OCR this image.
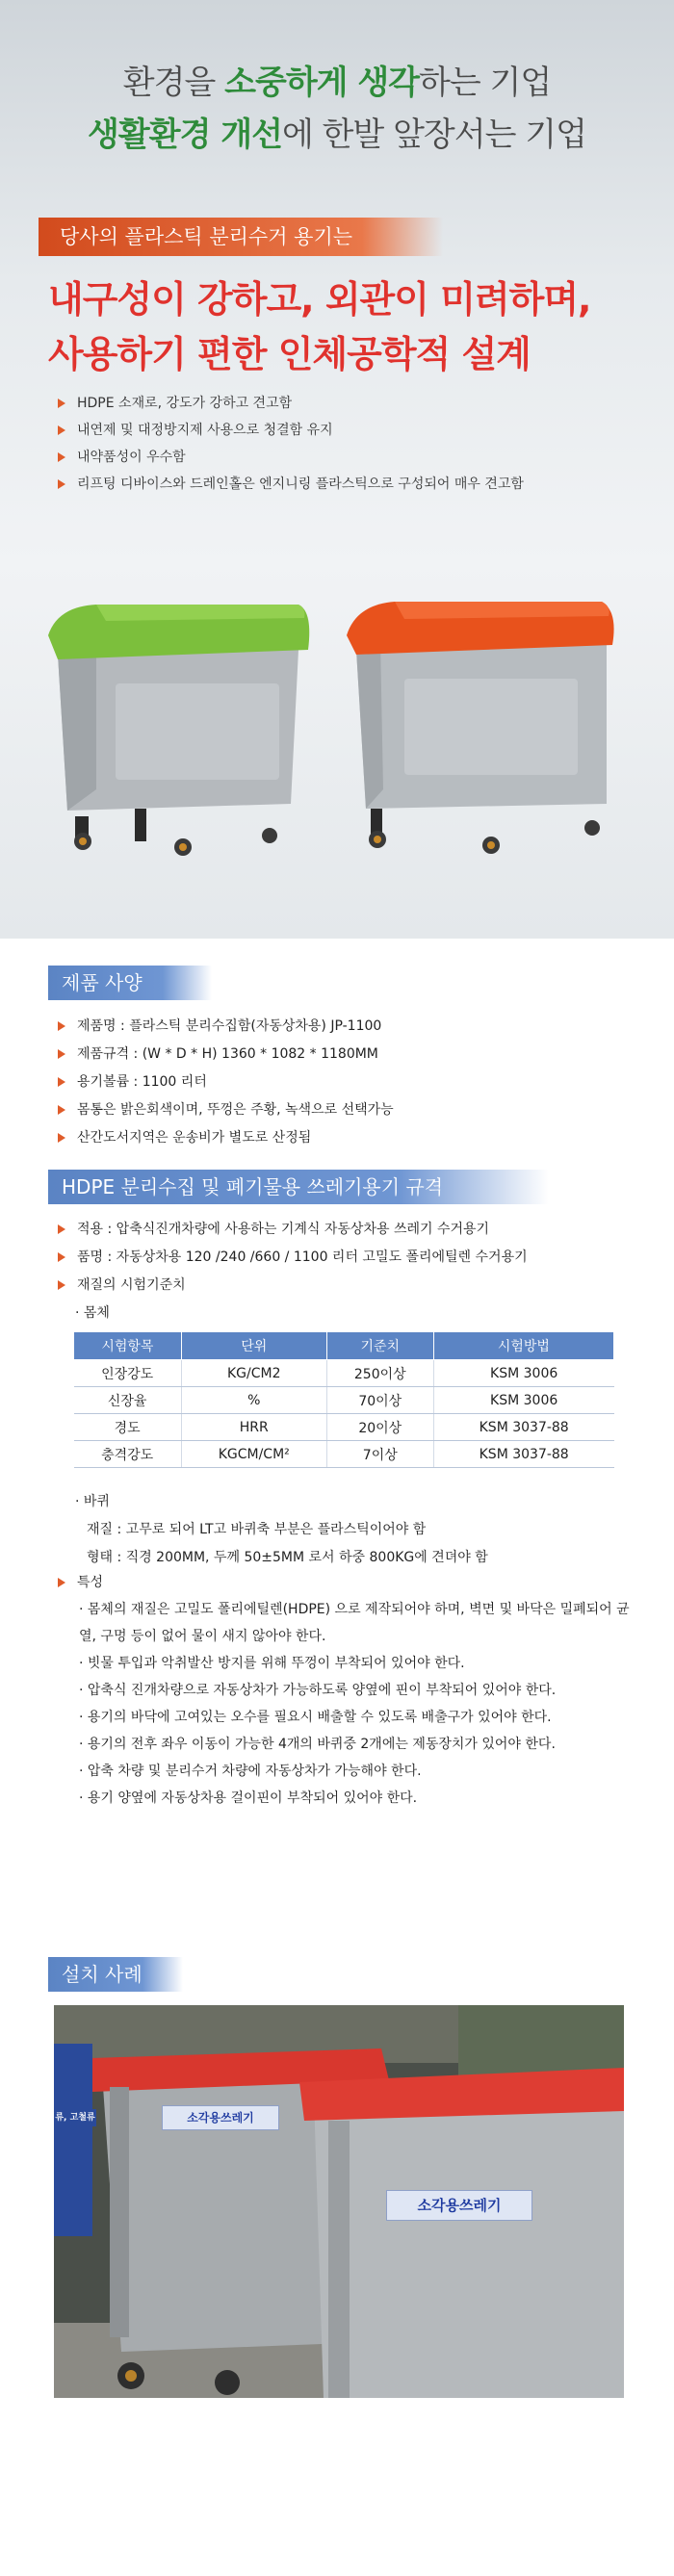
환경을 소중하게 생각하는 기업
생활환경 개선에 한발 앞장서는 기업
당사의 플라스틱 분리수거 용기는
내구성이 강하고, 외관이 미려하며,
사용하기 편한 인체공학적 설계
HDPE 소재로, 강도가 강하고 견고함
내연제 및 대정방지제 사용으로 청결함 유지
내약품성이 우수함
리프팅 디바이스와 드레인홀은 엔지니링 플라스틱으로 구성되어 매우 견고함
제품 사양
제품명 : 플라스틱 분리수집함(자동상차용) JP-1100
제품규격 : (W * D * H) 1360 * 1082 * 1180MM
용기볼륨 : 1100 리터
몸통은 밝은회색이며, 뚜껑은 주황, 녹색으로 선택가능
산간도서지역은 운송비가 별도로 산정됨
HDPE 분리수집 및 폐기물용 쓰레기용기 규격
적용 : 압축식진개차량에 사용하는 기계식 자동상차용 쓰레기 수거용기
품명 : 자동상차용 120 /240 /660 / 1100 리터 고밀도 폴리에틸렌 수거용기
재질의 시험기준치
· 몸체
시험항목	단위	기준치	시험방법
인장강도	KG/CM2	250이상	KSM 3006
신장율	%	70이상	KSM 3006
경도	HRR	20이상	KSM 3037-88
충격강도	KGCM/CM²	7이상	KSM 3037-88
· 바퀴
재질 : 고무로 되어 LT고 바퀴축 부분은 플라스틱이어야 함
형태 : 직경 200MM, 두께 50±5MM 로서 하중 800KG에 견뎌야 함
특성
· 몸체의 재질은 고밀도 폴리에틸렌(HDPE) 으로 제작되어야 하며, 벽면 및 바닥은 밀폐되어 균열, 구멍 등이 없어 물이 새지 않아야 한다.
· 빗물 투입과 악취발산 방지를 위해 뚜껑이 부착되어 있어야 한다.
· 압축식 진개차량으로 자동상차가 가능하도록 양옆에 핀이 부착되어 있어야 한다.
· 용기의 바닥에 고여있는 오수를 필요시 배출할 수 있도록 배출구가 있어야 한다.
· 용기의 전후 좌우 이동이 가능한 4개의 바퀴중 2개에는 제동장치가 있어야 한다.
· 압축 차량 및 분리수거 차량에 자동상차가 가능해야 한다.
· 용기 양옆에 자동상차용 걸이핀이 부착되어 있어야 한다.
설치 사례
소각용쓰레기
소각용쓰레기
류, 고철류
